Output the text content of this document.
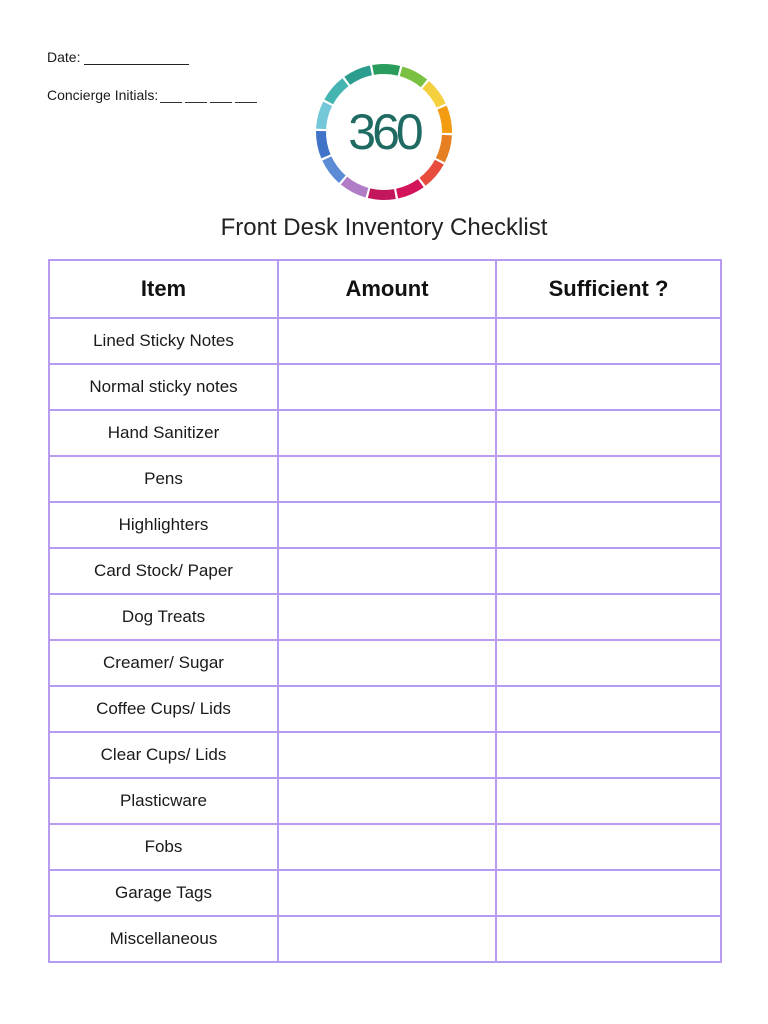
Date:
Concierge Initials:
360
Front Desk Inventory Checklist
Item	Amount	Sufficient ?
Lined Sticky Notes		
Normal sticky notes		
Hand Sanitizer		
Pens		
Highlighters		
Card Stock/ Paper		
Dog Treats		
Creamer/ Sugar		
Coffee Cups/ Lids		
Clear Cups/ Lids		
Plasticware		
Fobs		
Garage Tags		
Miscellaneous		
